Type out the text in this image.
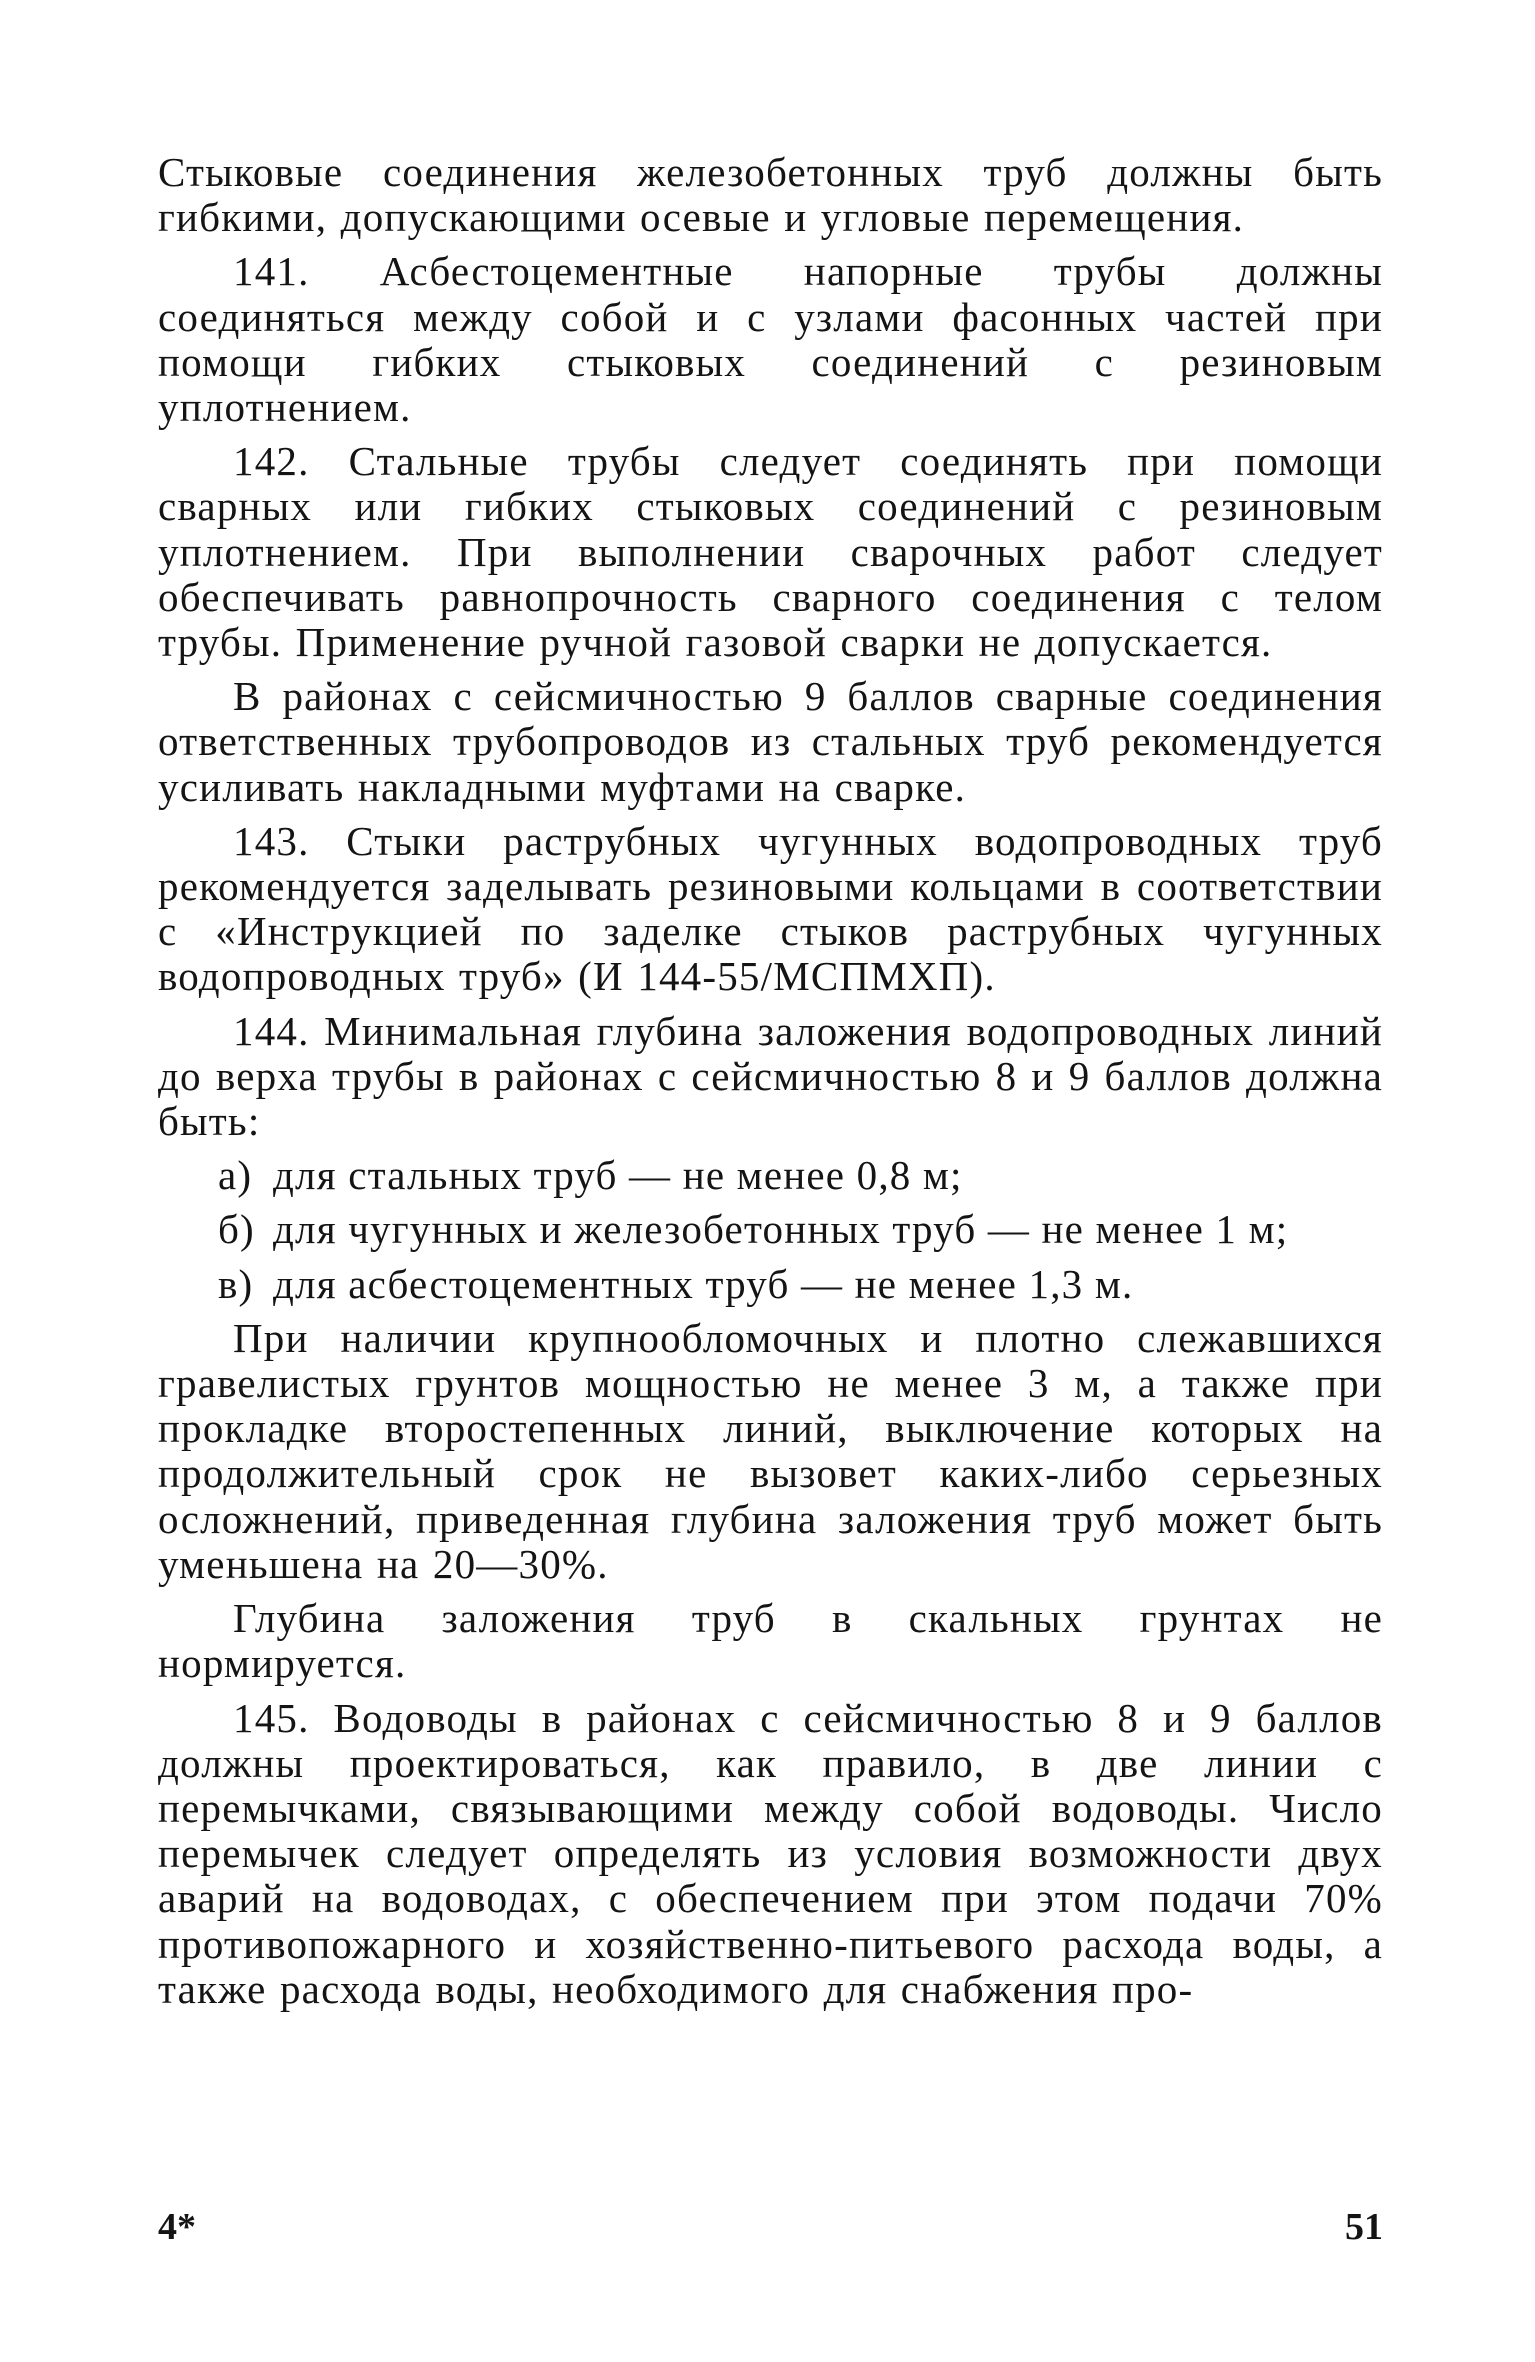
Стыковые соединения железобетонных труб должны быть гибкими, допускающими осевые и угловые перемещения.

141. Асбестоцементные напорные трубы должны соединяться между собой и с узлами фасонных частей при помощи гибких стыковых соединений с резиновым уплотнением.

142. Стальные трубы следует соединять при помощи сварных или гибких стыковых соединений с резиновым уплотнением. При выполнении сварочных работ следует обеспечивать равнопрочность сварного соединения с телом трубы. Применение ручной газовой сварки не допускается.

В районах с сейсмичностью 9 баллов сварные соединения ответственных трубопроводов из стальных труб рекомендуется усиливать накладными муфтами на сварке.

143. Стыки раструбных чугунных водопроводных труб рекомендуется заделывать резиновыми кольцами в соответствии с «Инструкцией по заделке стыков раструбных чугунных водопроводных труб» (И 144-55/МСПМХП).

144. Минимальная глубина заложения водопроводных линий до верха трубы в районах с сейсмичностью 8 и 9 баллов должна быть:

а) для стальных труб — не менее 0,8 м;
б) для чугунных и железобетонных труб — не менее 1 м;
в) для асбестоцементных труб — не менее 1,3 м.

При наличии крупнообломочных и плотно слежавшихся гравелистых грунтов мощностью не менее 3 м, а также при прокладке второстепенных линий, выключение которых на продолжительный срок не вызовет каких-либо серьезных осложнений, приведенная глубина заложения труб может быть уменьшена на 20—30%.

Глубина заложения труб в скальных грунтах не нормируется.

145. Водоводы в районах с сейсмичностью 8 и 9 баллов должны проектироваться, как правило, в две линии с перемычками, связывающими между собой водоводы. Число перемычек следует определять из условия возможности двух аварий на водоводах, с обеспечением при этом подачи 70% противопожарного и хозяйственно-питьевого расхода воды, а также расхода воды, необходимого для снабжения про-

4*	51
